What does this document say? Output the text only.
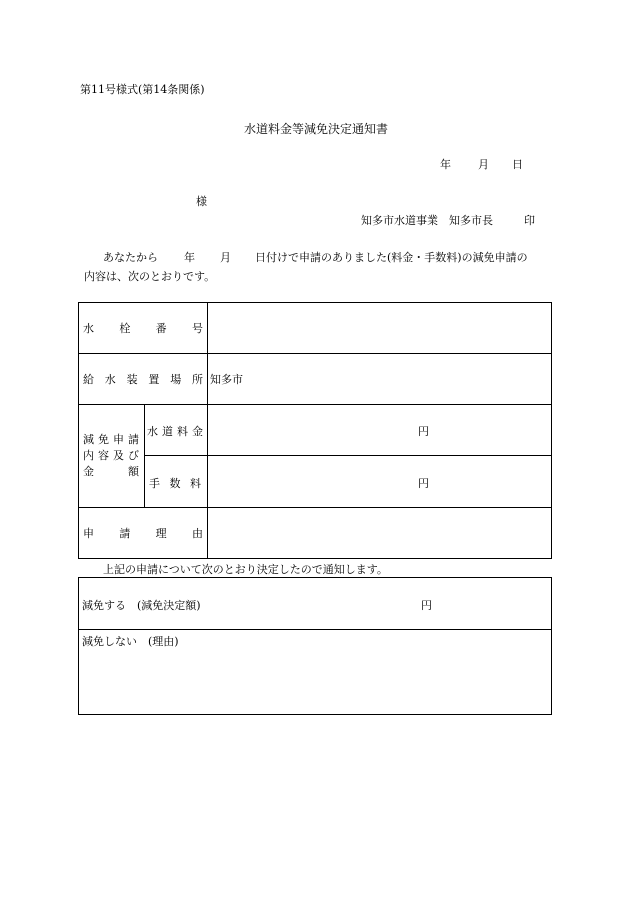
第11号様式(第14条関係)
水道料金等減免決定通知書
年 月 日
様
知多市水道事業　知多市長	印
あなたから 年 月 日付けで申請のありました(料金・手数料)の減免申請の
内容は、次のとおりです。
水 栓 番 号
給 水 装 置 場 所 知多市
減 免 申 請
内 容 及 び
金	額
水 道 料 金	円
手 数 料	円
申 請 理 由
上記の申請について次のとおり決定したので通知します。
減免する　(減免決定額)	円
減免しない　(理由)
